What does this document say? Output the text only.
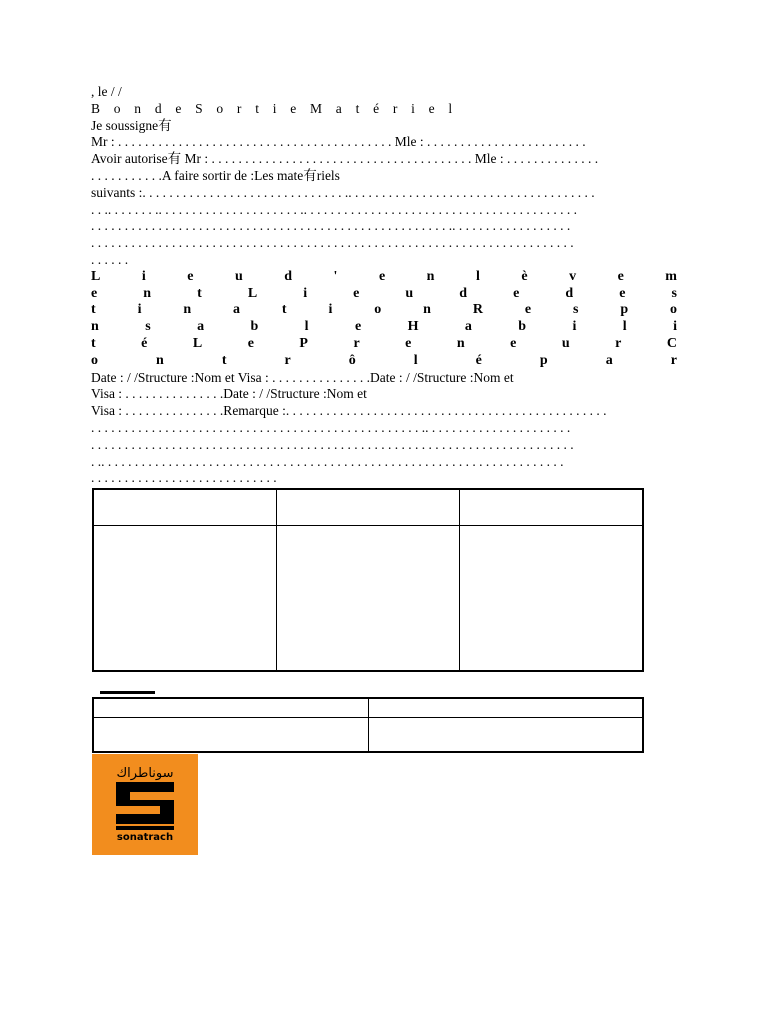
, le / /
B o n d e S o r t i e M a t é r i e l
Je soussigne有
Mr : . . . . . . . . . . . . . . . . . . . . . . . . . . . . . . . . . . . . . . . . . Mle : . . . . . . . . . . . . . . . . . . . . . . . .
Avoir autorise有 Mr : . . . . . . . . . . . . . . . . . . . . . . . . . . . . . . . . . . . . . . . Mle : . . . . . . . . . . . . . .
. . . . . . . . . . .A faire sortir de :Les mate有riels
suivants :. . . . . . . . . . . . . . . . . . . . . . . . . . . . . . .. . . . . . . . . . . . . . . . . . . . . . . . . . . . . . . . . . . . .
. . .. . . . . . . .. . . . . . . . . . . . . . . . . . . . . .. . . . . . . . . . . . . . . . . . . . . . . . . . . . . . . . . . . . . . . . .
. . . . . . . . . . . . . . . . . . . . . . . . . . . . . . . . . . . . . . . . . . . . . . . . . . . . . .. . . . . . . . . . . . . . . . . .
. . . . . . . . . . . . . . . . . . . . . . . . . . . . . . . . . . . . . . . . . . . . . . . . . . . . . . . . . . . . . . . . . . . . . . . .
. . . . . .
L	i	e	u	d	'	e	n	l	è	v	e	m
e	n	t	L	i	e	u	d	e	d	e	s
t	i	n	a	t	i	o	n	R	e	s	p	o
n	s	a	b	l	e	H	a	b	i	l	i
t	é	L	e	P	r	e	n	e	u	r	C
o	n	t	r	ô	l	é	p	a	r
Date : / /Structure :Nom et Visa : . . . . . . . . . . . . . . .Date : / /Structure :Nom et
Visa : . . . . . . . . . . . . . . .Date : / /Structure :Nom et
Visa : . . . . . . . . . . . . . . .Remarque :. . . . . . . . . . . . . . . . . . . . . . . . . . . . . . . . . . . . . . . . . . . . . . . .
. . . . . . . . . . . . . . . . . . . . . . . . . . . . . . . . . . . . . . . . . . . . . . . . . .. . . . . . . . . . . . . . . . . . . . . .
. . . . . . . . . . . . . . . . . . . . . . . . . . . . . . . . . . . . . . . . . . . . . . . . . . . . . . . . . . . . . . . . . . . . . . . .
. .. . . . . . . . . . . . . . . . . . . . . . . . . . . . . . . . . . . . . . . . . . . . . . . . . . . . . . . . . . . . . . . . . . . . .
. . . . . . . . . . . . . . . . . . . . . . . . . . . .

سوناطراك
sonatrach
